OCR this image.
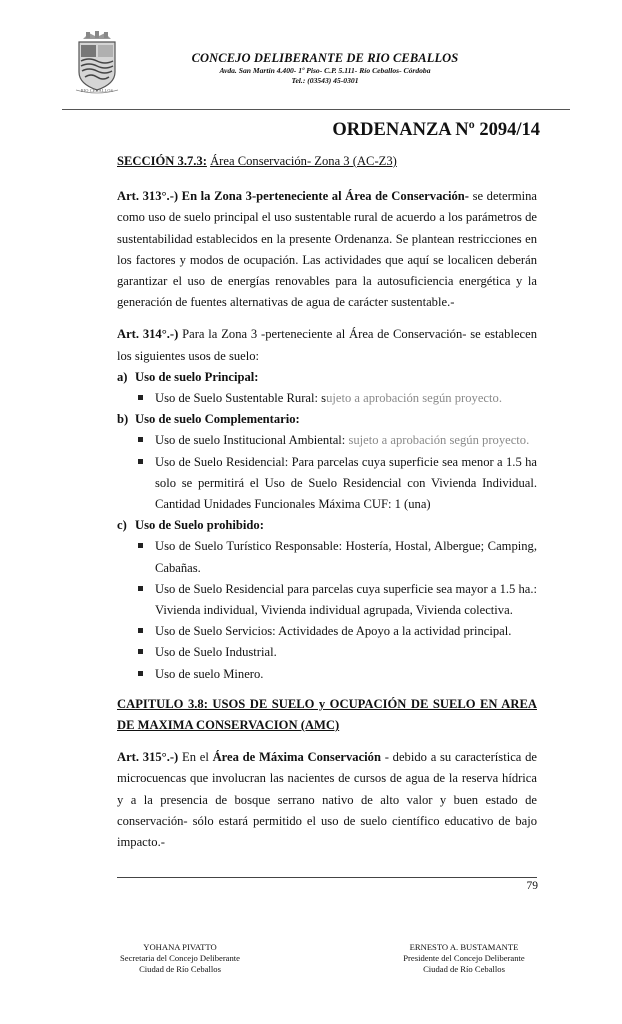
RIO CEBALLOS
CONCEJO DELIBERANTE DE RIO CEBALLOS
Avda. San Martín 4.400- 1º Piso- C.P. 5.111- Río Ceballos- Córdoba
Tel.: (03543) 45-0301
ORDENANZA Nº 2094/14

SECCIÓN 3.7.3: Área Conservación- Zona 3 (AC-Z3)

Art. 313°.-) En la Zona 3-perteneciente al Área de Conservación- se determina como uso de suelo principal el uso sustentable rural de acuerdo a los parámetros de sustentabilidad establecidos en la presente Ordenanza. Se plantean restricciones en los factores y modos de ocupación. Las actividades que aquí se localicen deberán garantizar el uso de energías renovables para la autosuficiencia energética y la generación de fuentes alternativas de agua de carácter sustentable.-

Art. 314°.-) Para la Zona 3 -perteneciente al Área de Conservación- se establecen los siguientes usos de suelo:

a) Uso de suelo Principal:
Uso de Suelo Sustentable Rural: sujeto a aprobación según proyecto.
b) Uso de suelo Complementario:
Uso de suelo Institucional Ambiental: sujeto a aprobación según proyecto.
Uso de Suelo Residencial: Para parcelas cuya superficie sea menor a 1.5 ha solo se permitirá el Uso de Suelo Residencial con Vivienda Individual. Cantidad Unidades Funcionales Máxima CUF: 1 (una)
c) Uso de Suelo prohibido:
Uso de Suelo Turístico Responsable: Hostería, Hostal, Albergue; Camping, Cabañas.
Uso de Suelo Residencial para parcelas cuya superficie sea mayor a 1.5 ha.: Vivienda individual, Vivienda individual agrupada, Vivienda colectiva.
Uso de Suelo Servicios: Actividades de Apoyo a la actividad principal.
Uso de Suelo Industrial.
Uso de suelo Minero.

CAPITULO 3.8: USOS DE SUELO y OCUPACIÓN DE SUELO EN AREA DE MAXIMA CONSERVACION (AMC)

Art. 315°.-) En el Área de Máxima Conservación - debido a su característica de microcuencas que involucran las nacientes de cursos de agua de la reserva hídrica y a la presencia de bosque serrano nativo de alto valor y buen estado de conservación- sólo estará permitido el uso de suelo científico educativo de bajo impacto.-

79
YOHANA PIVATTO
Secretaria del Concejo Deliberante
Ciudad de Río Ceballos
ERNESTO A. BUSTAMANTE
Presidente del Concejo Deliberante
Ciudad de Río Ceballos
